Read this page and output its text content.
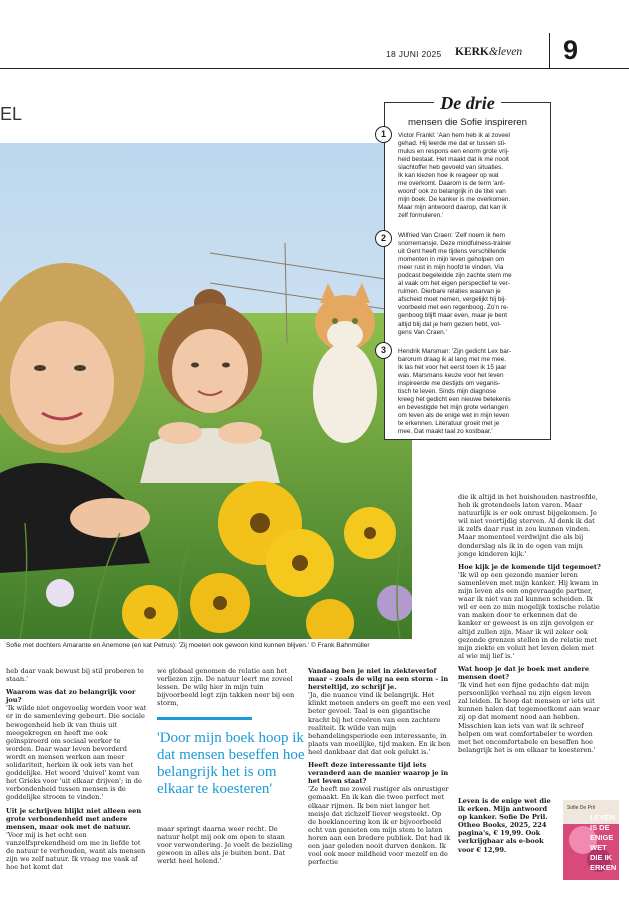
18 JUNI 2025 KERK&leven 9
EL
Sofie met dochters Amarante en Anemone (en kat Petrus): 'Zij moeten ook gewoon kind kunnen blijven.' © Frank Bahnmüller
De drie
mensen die Sofie inspireren
1	Victor Frankl: 'Aan hem heb ik al zoveel

gehad. Hij leerde me dat er tussen sti-

mulus en respons een enorm grote vrij-

heid bestaat. Het maakt dat ik me nooit

slachtoffer heb gevoeld van situaties.

Ik kan kiezen hoe ik reageer op wat

me overkomt. Daarom is de term 'ant-

woord' ook zo belangrijk in de titel van

mijn boek. De kanker is me overkomen.

Maar mijn antwoord daarop, dat kan ik

zelf formuleren.'

2	Wilfried Van Craen: 'Zelf noem ik hem

snorremansje. Deze mindfulness-trainer

uit Gent heeft me tijdens verschillende

momenten in mijn leven geholpen om

meer rust in mijn hoofd te vinden. Via

podcast begeleidde zijn zachte stem me

al vaak om het eigen perspectief te ver-

ruimen. Dierbare relaties waarvan je

afscheid moet nemen, vergelijkt hij bij-

voorbeeld met een regenboog. Zo'n re-

genboog blijft maar even, maar je bent

altijd blij dat je hem gezien hebt, vol-

gens Van Craen.'

3	Hendrik Marsman: 'Zijn gedicht Lex bar-

barorum draag ik al lang met me mee.

Ik las het voor het eerst toen ik 15 jaar

was. Marsmans keuze voor het leven

inspireerde me destijds om veganis-

tisch te leven. Sinds mijn diagnose

kreeg het gedicht een nieuwe betekenis

en bevestigde het mijn grote verlangen

om leven als de enige wet in mijn leven

te erkennen. Literatuur groeit met je

mee. Dat maakt taal zo kostbaar.'

heb daar vaak bewust bij stil proberen te staan.'

Waarom was dat zo belangrijk voor jou?

'Ik wilde niet ongevoelig worden voor wat er in de samenleving gebeurt. Die sociale bewogenheid heb ik van thuis uit meegekregen en heeft me ook geïnspireerd om sociaal werker te worden. Daar waar leven bevorderd wordt en mensen werken aan meer solidariteit, herken ik ook iets van het goddelijke. Het woord 'duivel' komt van het Grieks voor 'uit elkaar drijven'; in de verbondenheid tussen mensen is de goddelijke stroom te vinden.'

Uit je schrijven blijkt niet alleen een grote verbondenheid met andere mensen, maar ook met de natuur.

'Voor mij is het echt een vanzelfsprekendheid om me in liefde tot de natuur te verhouden, want als mensen zijn we zelf natuur. Ik vraag me vaak af hoe het komt dat

we globaal genomen de relatie aan het verliezen zijn. De natuur leert me zoveel lessen. De wilg hier in mijn tuin bijvoorbeeld legt zijn takken neer bij een storm,

'Door mijn boek hoop ik dat mensen beseffen hoe belangrijk het is om elkaar te koesteren'

maar springt daarna weer recht. De natuur helpt mij ook om open te staan voor verwondering. Je voelt de bezieling gewoon in alles als je buiten bent. Dat werkt heel helend.'

Vandaag ben je niet in ziekteverlof maar – zoals de wilg na een storm – in hersteltijd, zo schrijf je.

'Ja, die nuance vind ik belangrijk. Het klinkt meteen anders en geeft me een veel beter gevoel. Taal is een gigantische kracht bij het creëren van een zachtere realiteit. Ik wilde van mijn behandelingsperiode een interessante, in plaats van moeilijke, tijd maken. En ik ben heel dankbaar dat dat ook gelukt is.'

Heeft deze interessante tijd iets veranderd aan de manier waarop je in het leven staat?

'Ze heeft me zowel rustiger als onrustiger gemaakt. En ik kan die twee perfect met elkaar rijmen. Ik ben niet langer het meisje dat zichzelf liever wegsteekt. Op de boeklancering kon ik er bijvoorbeeld echt van genieten om mijn stem te laten horen aan een bredere publiek. Dat had ik een jaar geleden nooit durven denken. Ik voel ook meer mildheid voor mezelf en de perfectie

die ik altijd in het huishouden nastreefde, heb ik grotendeels laten varen. Maar natuurlijk is er ook onrust bijgekomen. Je wil niet voortijdig sterven. Al denk ik dat ik zelfs daar rust in zou kunnen vinden. Maar momenteel verdwijnt die als bij donderslag als ik in de ogen van mijn jonge kinderen kijk.'

Hoe kijk je de komende tijd tegemoet?

'Ik wil op een gezonde manier leren samenleven met mijn kanker. Hij kwam in mijn leven als een ongevraagde partner, waar ik niet van zal kunnen scheiden. Ik wil er een zo min mogelijk toxische relatie van maken door te erkennen dat de kanker er geweest is en zijn gevolgen er altijd zullen zijn. Maar ik wil zeker ook gezonde grenzen stellen in de relatie met mijn ziekte en voluit het leven delen met al wie mij lief is.'

Wat hoop je dat je boek met andere mensen doet?

'Ik vind het een fijne gedachte dat mijn persoonlijke verhaal nu zijn eigen leven zal leiden. Ik hoop dat mensen er iets uit kunnen halen dat tegemoetkomt aan waar zij op dat moment nood aan hebben. Misschien kan iets van wat ik schreef helpen om wat comfortabeler te worden met het oncomfortabele en beseffen hoe belangrijk het is om elkaar te koesteren.'

Leven is de enige wet die ik erken. Mijn antwoord op kanker. Sofie De Pril. Otheo Books, 2025, 224 pagina's, € 19,99. Ook verkrijgbaar als e-book voor € 12,99.
Sofie De Pril
LEVEN
IS DE
ENIGE
WET
DIE IK
ERKEN
